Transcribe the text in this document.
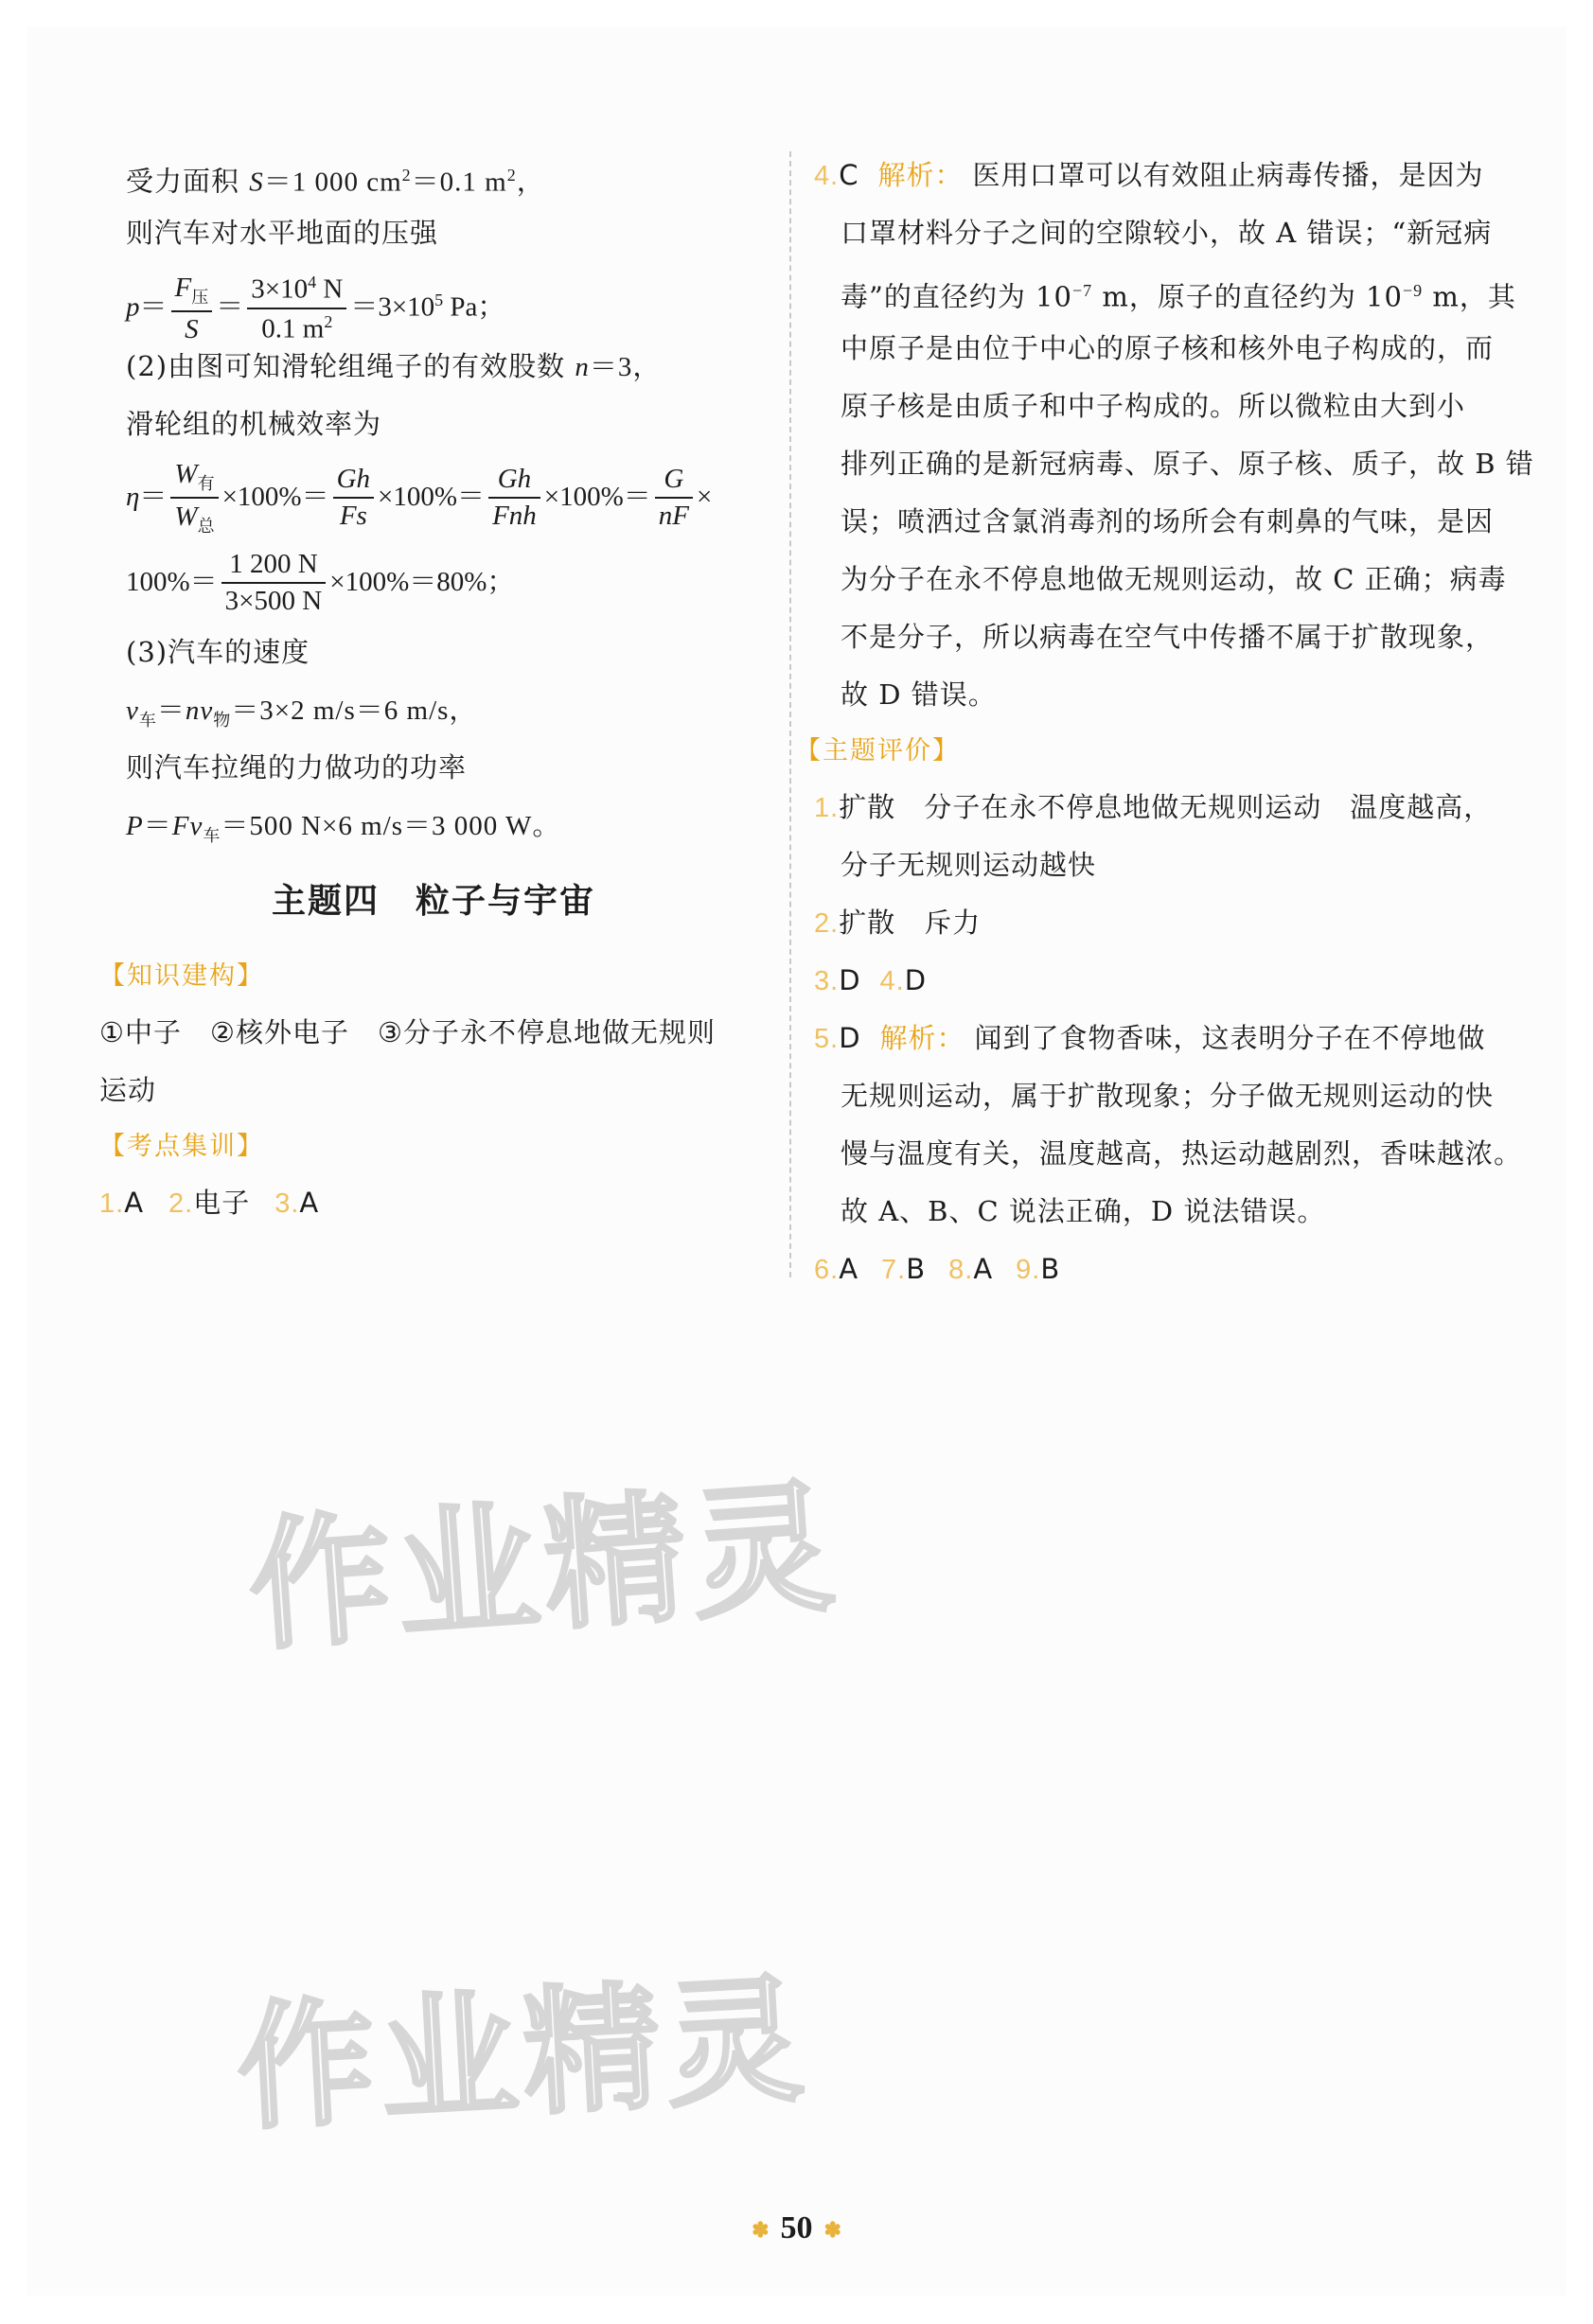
受力面积 S＝1 000 $cm^2=0.1$ $m^2$，
则汽车对水平地面的压强
$p= \frac{F_压}{S} = \frac{3\times 10^4 N}{0.1 m^2} =3\times 10^5$ Pa；
(2)由图可知滑轮组绳子的有效股数 n＝3，
滑轮组的机械效率为
$\eta= \frac{W_有}{W_总} \times 100\%= \frac{Gh}{Fs} \times 100\%= \frac{Gh}{\text{Fnh}} \times 100\%= \frac{G}{nF}$ ×
$100\%= \frac{1 200 N}{3\times 500 N} \times 100\%=80\%$；
(3)汽车的速度
$v_车=nv_物=3\times 2$ m/s＝6 m/s，
则汽车拉绳的力做功的功率
$P=Fv_车=500$ N×6 m/s＝3 000 W。
主题四　粒子与宇宙
【知识建构】
①中子　②核外电子　③分子永不停息地做无规则
运动
【考点集训】
1.A 2.电子 3.A
4.C 解析： 医用口罩可以有效阻止病毒传播，是因为
口罩材料分子之间的空隙较小，故 A 错误；“新冠病
毒”的直径约为 $10^{-7}$ m，原子的直径约为 $10^{-9}$ m，其
中原子是由位于中心的原子核和核外电子构成的，而
原子核是由质子和中子构成的。所以微粒由大到小
排列正确的是新冠病毒、原子、原子核、质子，故 B 错
误；喷洒过含氯消毒剂的场所会有刺鼻的气味，是因
为分子在永不停息地做无规则运动，故 C 正确；病毒
不是分子，所以病毒在空气中传播不属于扩散现象，
故 D 错误。
【主题评价】
1.扩散　分子在永不停息地做无规则运动　温度越高，
分子无规则运动越快
2.扩散　斥力
3.D 4.D
5.D 解析： 闻到了食物香味，这表明分子在不停地做
无规则运动，属于扩散现象；分子做无规则运动的快
慢与温度有关，温度越高，热运动越剧烈，香味越浓。
故 A、B、C 说法正确，D 说法错误。
6.A 7.B 8.A 9.B
作业精灵
作业精灵
✽ 50 ✽
